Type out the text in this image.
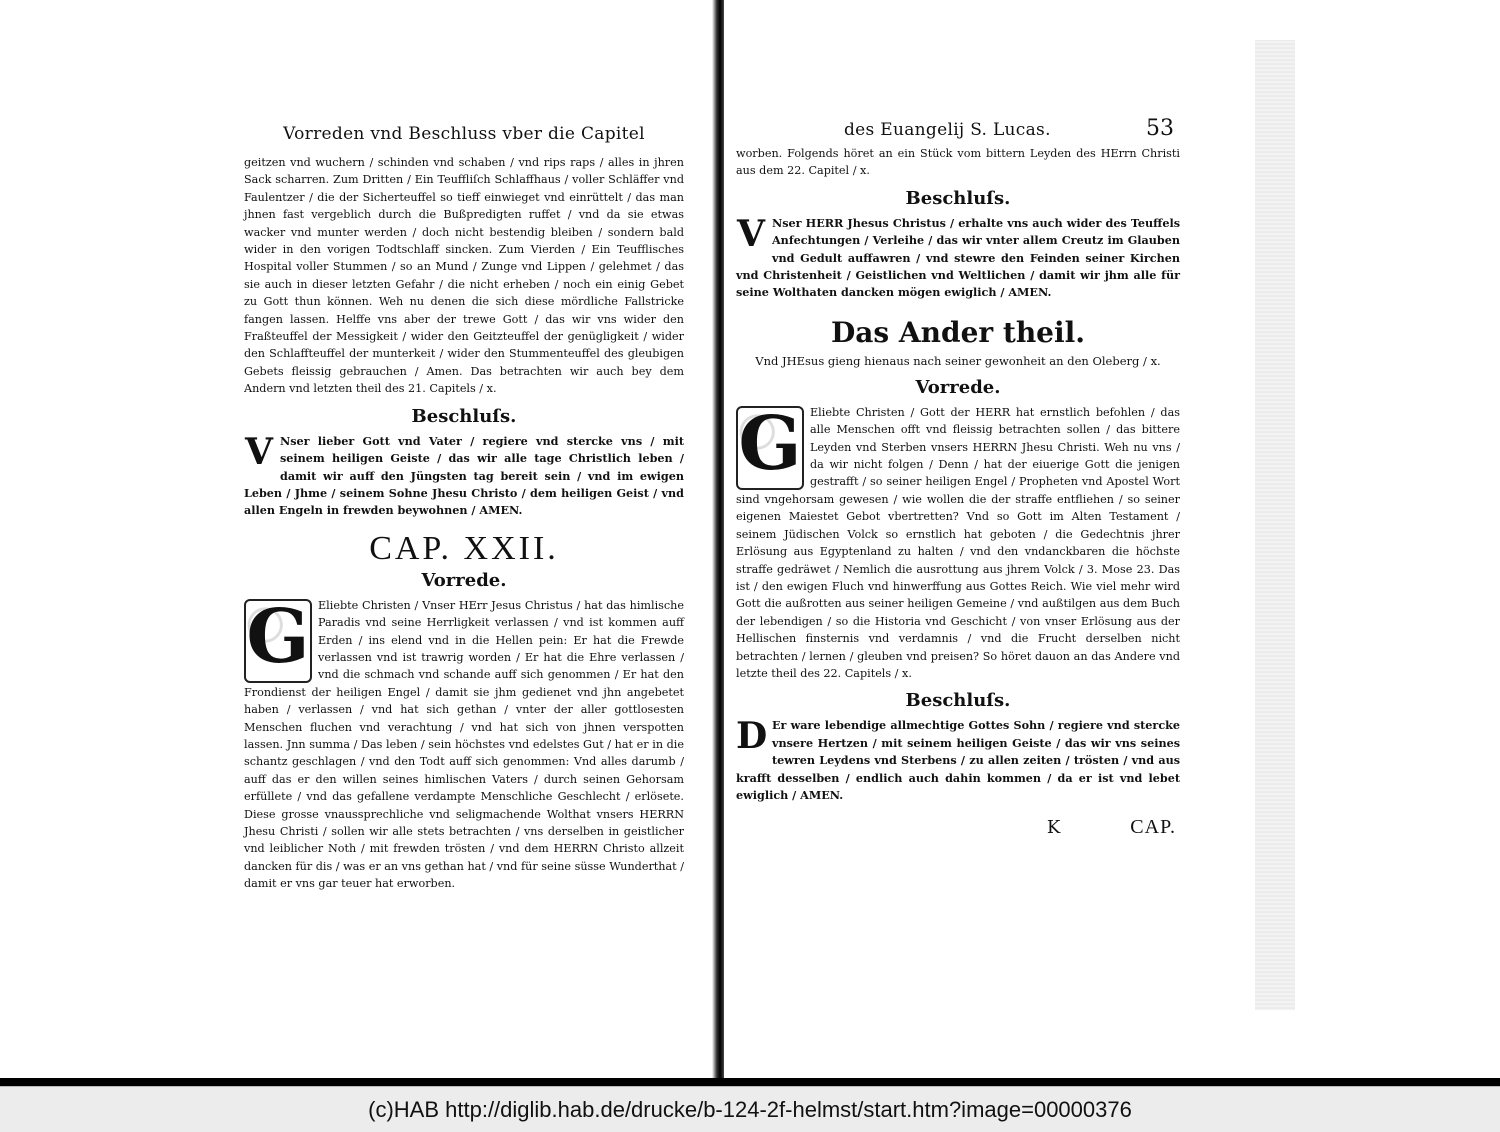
Vorreden vnd Beschluss vber die Capitel

geitzen vnd wuchern / schinden vnd schaben / vnd rips raps / alles in jhren Sack scharren. Zum Dritten / Ein Teuffliſch Schlaffhaus / voller Schläffer vnd Faulentzer / die der Sicherteuffel so tieff einwieget vnd einrüttelt / das man jhnen fast vergeblich durch die Bußpredigten ruffet / vnd da sie etwas wacker vnd munter werden / doch nicht bestendig bleiben / sondern bald wider in den vorigen Todtschlaff sincken. Zum Vierden / Ein Teufflisches Hospital voller Stummen / so an Mund / Zunge vnd Lippen / gelehmet / das sie auch in dieser letzten Gefahr / die nicht erheben / noch ein einig Gebet zu Gott thun können. Weh nu denen die sich diese mördliche Fallstricke fangen lassen. Helffe vns aber der trewe Gott / das wir vns wider den Fraßteuffel der Messigkeit / wider den Geitzteuffel der genügligkeit / wider den Schlaffteuffel der munterkeit / wider den Stummenteuffel des gleubigen Gebets fleissig gebrauchen / Amen. Das betrachten wir auch bey dem Andern vnd letzten theil des 21. Capitels / x.

Beschluſs.
V Nser lieber Gott vnd Vater / regiere vnd stercke vns / mit seinem heiligen Geiste / das wir alle tage Christlich leben / damit wir auff den Jüngsten tag bereit sein / vnd im ewigen Leben / Jhme / seinem Sohne Jhesu Christo / dem heiligen Geist / vnd allen Engeln in frewden beywohnen / AMEN.

CAP. XXII.
Vorrede.
G Eliebte Christen / Vnser HErr Jesus Christus / hat das himlische Paradis vnd seine Herrligkeit verlassen / vnd ist kommen auff Erden / ins elend vnd in die Hellen pein: Er hat die Frewde verlassen vnd ist trawrig worden / Er hat die Ehre verlassen / vnd die schmach vnd schande auff sich genommen / Er hat den Frondienst der heiligen Engel / damit sie jhm gedienet vnd jhn angebetet haben / verlassen / vnd hat sich gethan / vnter der aller gottlosesten Menschen fluchen vnd verachtung / vnd hat sich von jhnen verspotten lassen. Jnn summa / Das leben / sein höchstes vnd edelstes Gut / hat er in die schantz geschlagen / vnd den Todt auff sich genommen: Vnd alles darumb / auff das er den willen seines himlischen Vaters / durch seinen Gehorsam erfüllete / vnd das gefallene verdampte Menschliche Geschlecht / erlösete. Diese grosse vnaussprechliche vnd seligmachende Wolthat vnsers HERRN Jhesu Christi / sollen wir alle stets betrachten / vns derselben in geistlicher vnd leiblicher Noth / mit frewden trösten / vnd dem HERRN Christo allzeit dancken für dis / was er an vns gethan hat / vnd für seine süsse Wunderthat / damit er vns gar teuer hat erworben.

des Euangelij S. Lucas.	53

worben. Folgends höret an ein Stück vom bittern Leyden des HErrn Christi aus dem 22. Capitel / x.

Beschluſs.
V Nser HERR Jhesus Christus / erhalte vns auch wider des Teuffels Anfechtungen / Verleihe / das wir vnter allem Creutz im Glauben vnd Gedult auffawren / vnd stewre den Feinden seiner Kirchen vnd Christenheit / Geistlichen vnd Weltlichen / damit wir jhm alle für seine Wolthaten dancken mögen ewiglich / AMEN.

Das Ander theil.
Vnd JHEsus gieng hienaus nach seiner gewonheit an den Oleberg / x.
Vorrede.
G Eliebte Christen / Gott der HERR hat ernstlich befohlen / das alle Menschen offt vnd fleissig betrachten sollen / das bittere Leyden vnd Sterben vnsers HERRN Jhesu Christi. Weh nu vns / da wir nicht folgen / Denn / hat der eiuerige Gott die jenigen gestrafft / so seiner heiligen Engel / Propheten vnd Apostel Wort sind vngehorsam gewesen / wie wollen die der straffe entfliehen / so seiner eigenen Maiestet Gebot vbertretten? Vnd so Gott im Alten Testament / seinem Jüdischen Volck so ernstlich hat geboten / die Gedechtnis jhrer Erlösung aus Egyptenland zu halten / vnd den vndanckbaren die höchste straffe gedräwet / Nemlich die ausrottung aus jhrem Volck / 3. Mose 23. Das ist / den ewigen Fluch vnd hinwerffung aus Gottes Reich. Wie viel mehr wird Gott die außrotten aus seiner heiligen Gemeine / vnd außtilgen aus dem Buch der lebendigen / so die Historia vnd Geschicht / von vnser Erlösung aus der Hellischen finsternis vnd verdamnis / vnd die Frucht derselben nicht betrachten / lernen / gleuben vnd preisen? So höret dauon an das Andere vnd letzte theil des 22. Capitels / x.

Beschluſs.
D Er ware lebendige allmechtige Gottes Sohn / regiere vnd stercke vnsere Hertzen / mit seinem heiligen Geiste / das wir vns seines tewren Leydens vnd Sterbens / zu allen zeiten / trösten / vnd aus krafft desselben / endlich auch dahin kommen / da er ist vnd lebet ewiglich / AMEN.

K	CAP.
(c)HAB http://diglib.hab.de/drucke/b-124-2f-helmst/start.htm?image=00000376
